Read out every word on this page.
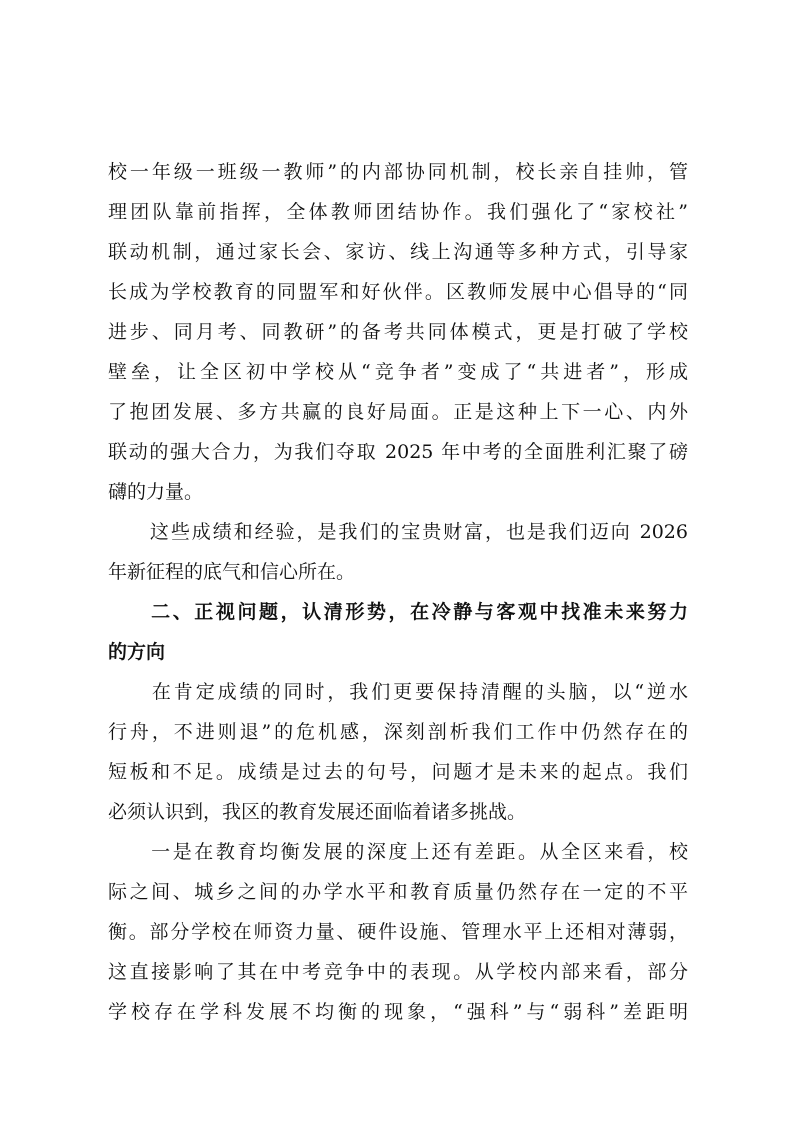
校一年级一班级一教师”的内部协同机制，校长亲自挂帅，管
理团队靠前指挥，全体教师团结协作。我们强化了“家校社”
联动机制，通过家长会、家访、线上沟通等多种方式，引导家
长成为学校教育的同盟军和好伙伴。区教师发展中心倡导的“同
进步、同月考、同教研”的备考共同体模式，更是打破了学校
壁垒，让全区初中学校从“竞争者”变成了“共进者”，形成
了抱团发展、多方共赢的良好局面。正是这种上下一心、内外
联动的强大合力，为我们夺取 2025 年中考的全面胜利汇聚了磅
礴的力量。
　　这些成绩和经验，是我们的宝贵财富，也是我们迈向 2026
年新征程的底气和信心所在。
　　二、正视问题，认清形势，在冷静与客观中找准未来努力
的方向
　　在肯定成绩的同时，我们更要保持清醒的头脑，以“逆水
行舟，不进则退”的危机感，深刻剖析我们工作中仍然存在的
短板和不足。成绩是过去的句号，问题才是未来的起点。我们
必须认识到，我区的教育发展还面临着诸多挑战。
　　一是在教育均衡发展的深度上还有差距。从全区来看，校
际之间、城乡之间的办学水平和教育质量仍然存在一定的不平
衡。部分学校在师资力量、硬件设施、管理水平上还相对薄弱，
这直接影响了其在中考竞争中的表现。从学校内部来看，部分
学校存在学科发展不均衡的现象，“强科”与“弱科”差距明
